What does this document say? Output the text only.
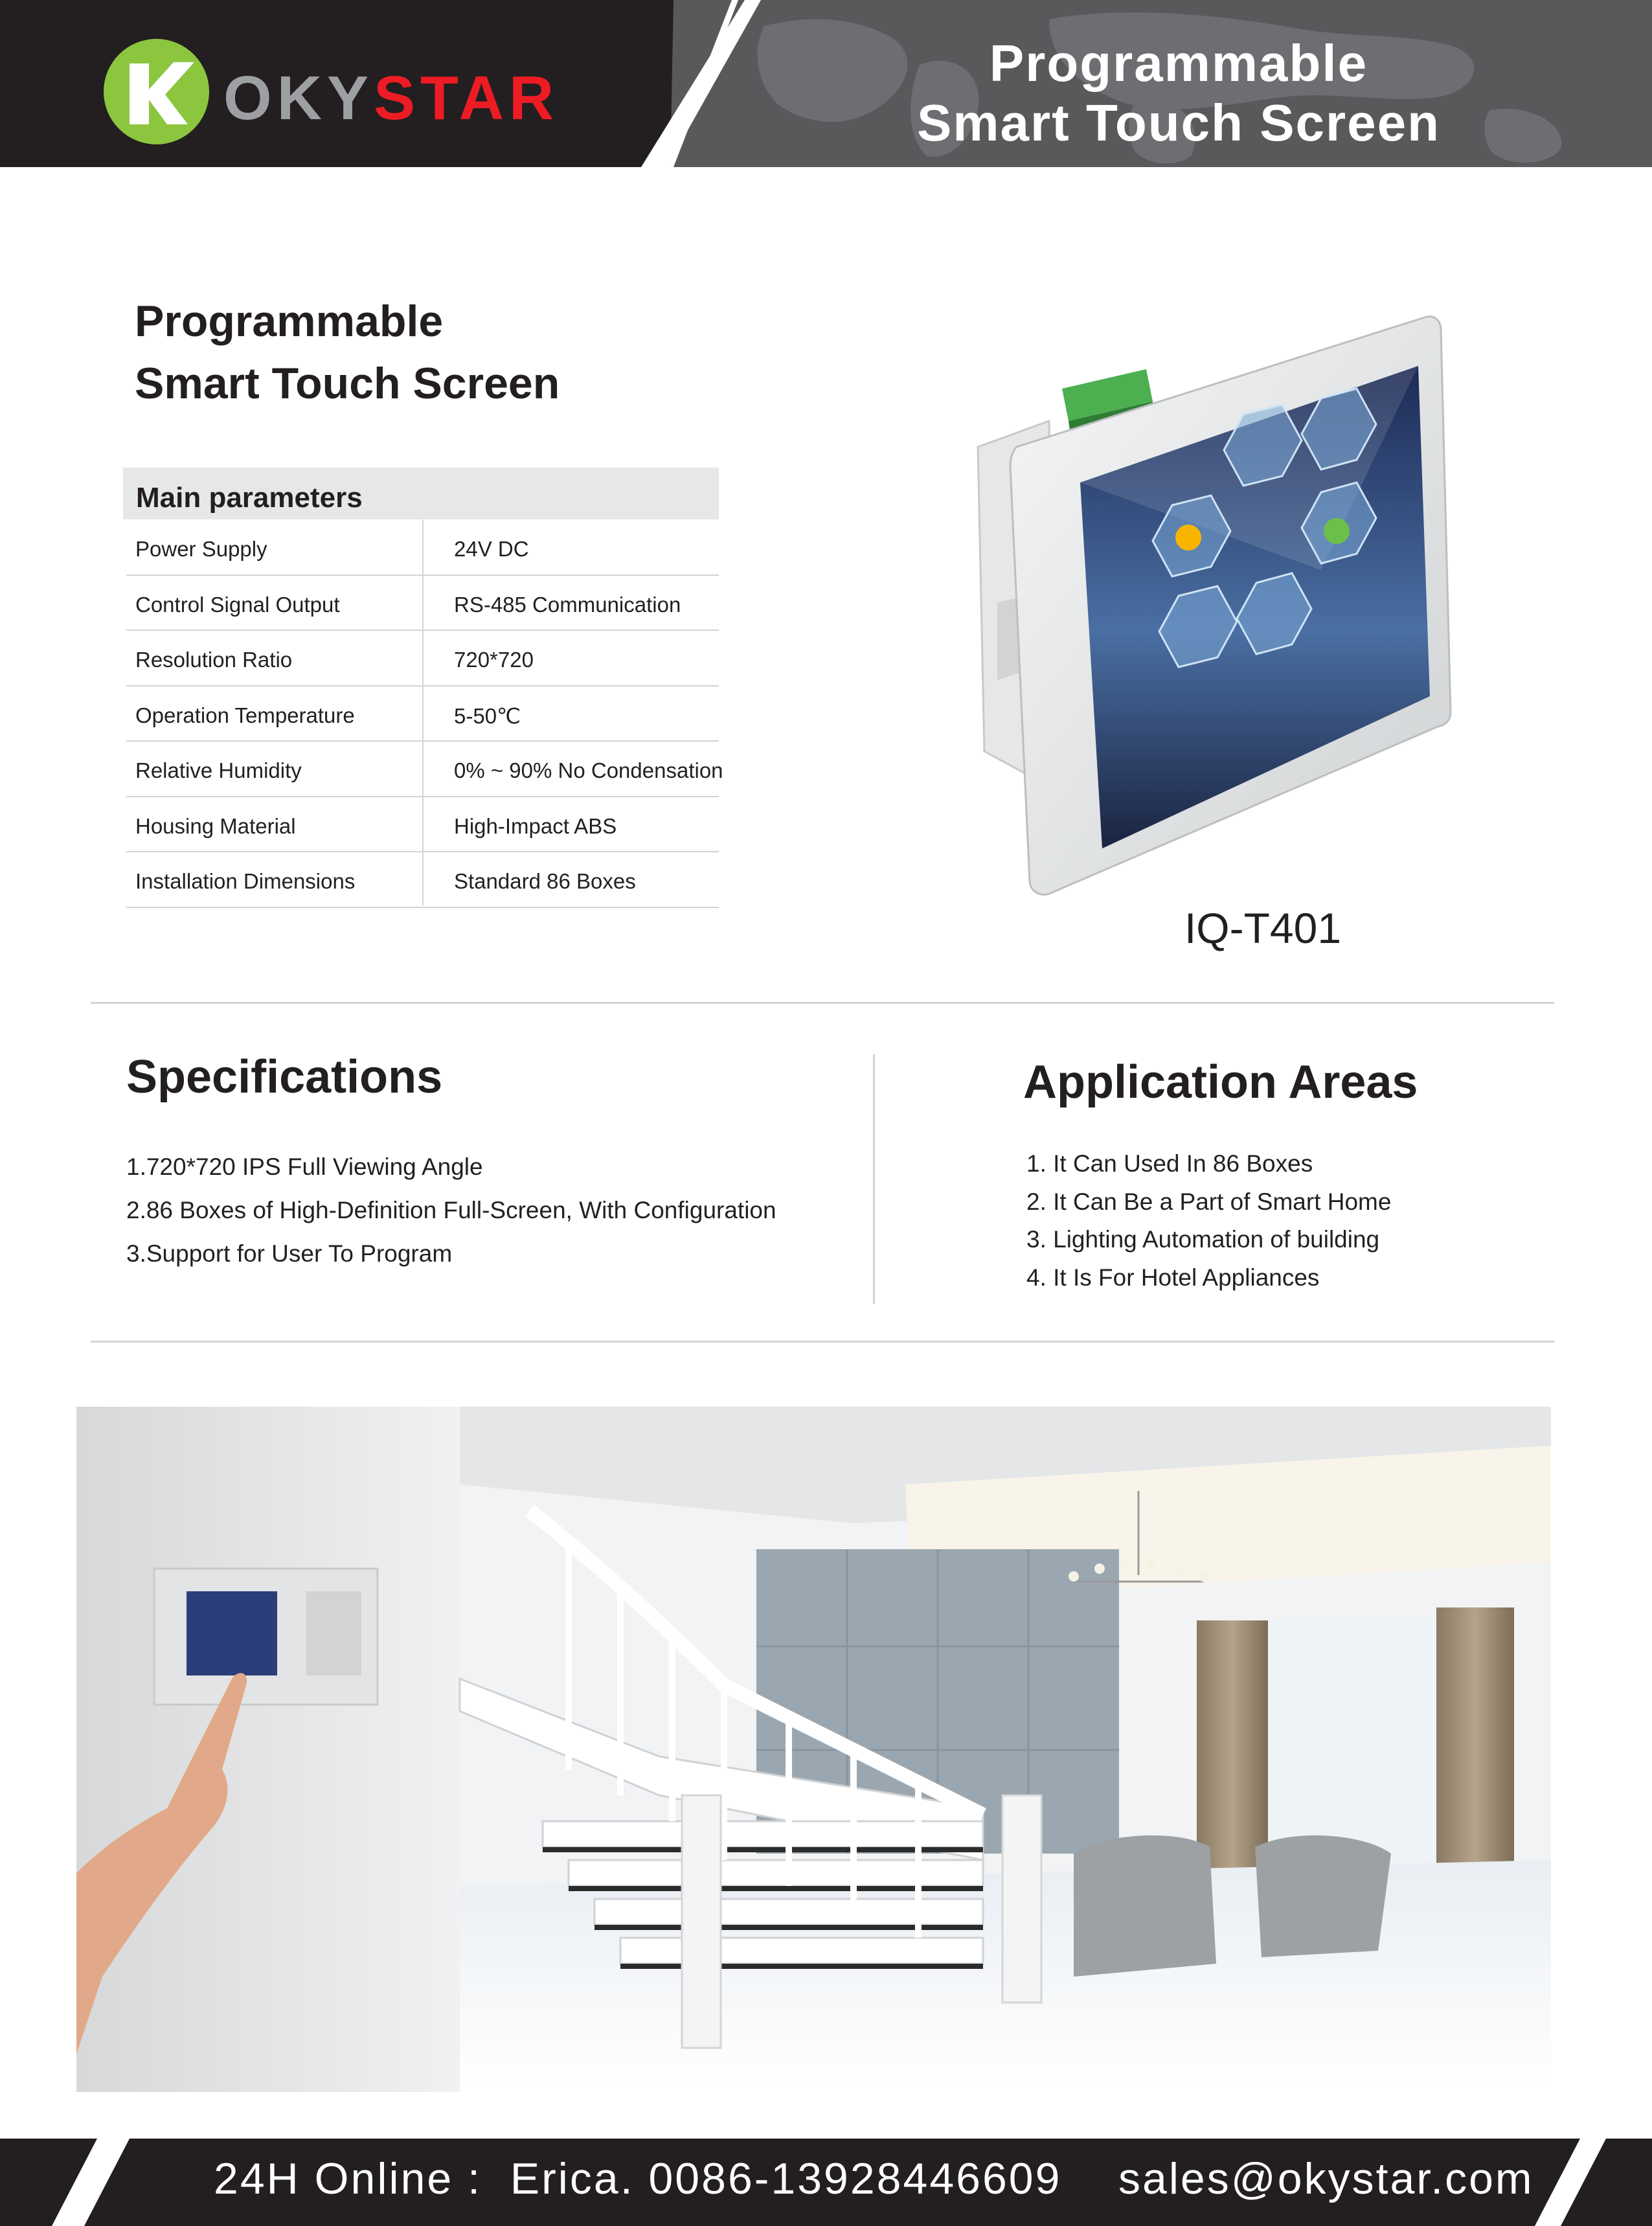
OKYSTAR
Programmable
Smart Touch Screen
Programmable
Smart Touch Screen
Main parameters
Power Supply	24V DC
Control Signal Output	RS-485 Communication
Resolution Ratio	720*720
Operation Temperature	5-50℃
Relative Humidity	0% ~ 90% No Condensation
Housing Material	High-Impact ABS
Installation Dimensions	Standard 86 Boxes
IQ-T401
Specifications
1.720*720 IPS Full Viewing Angle
2.86 Boxes of High-Definition Full-Screen, With Configuration
3.Support for User To Program
Application Areas
1. It Can Used In 86 Boxes
2. It Can Be a Part of Smart Home
3. Lighting Automation of building
4. It Is For Hotel Appliances
24H Online : Erica. 0086-13928446609 sales@okystar.com
